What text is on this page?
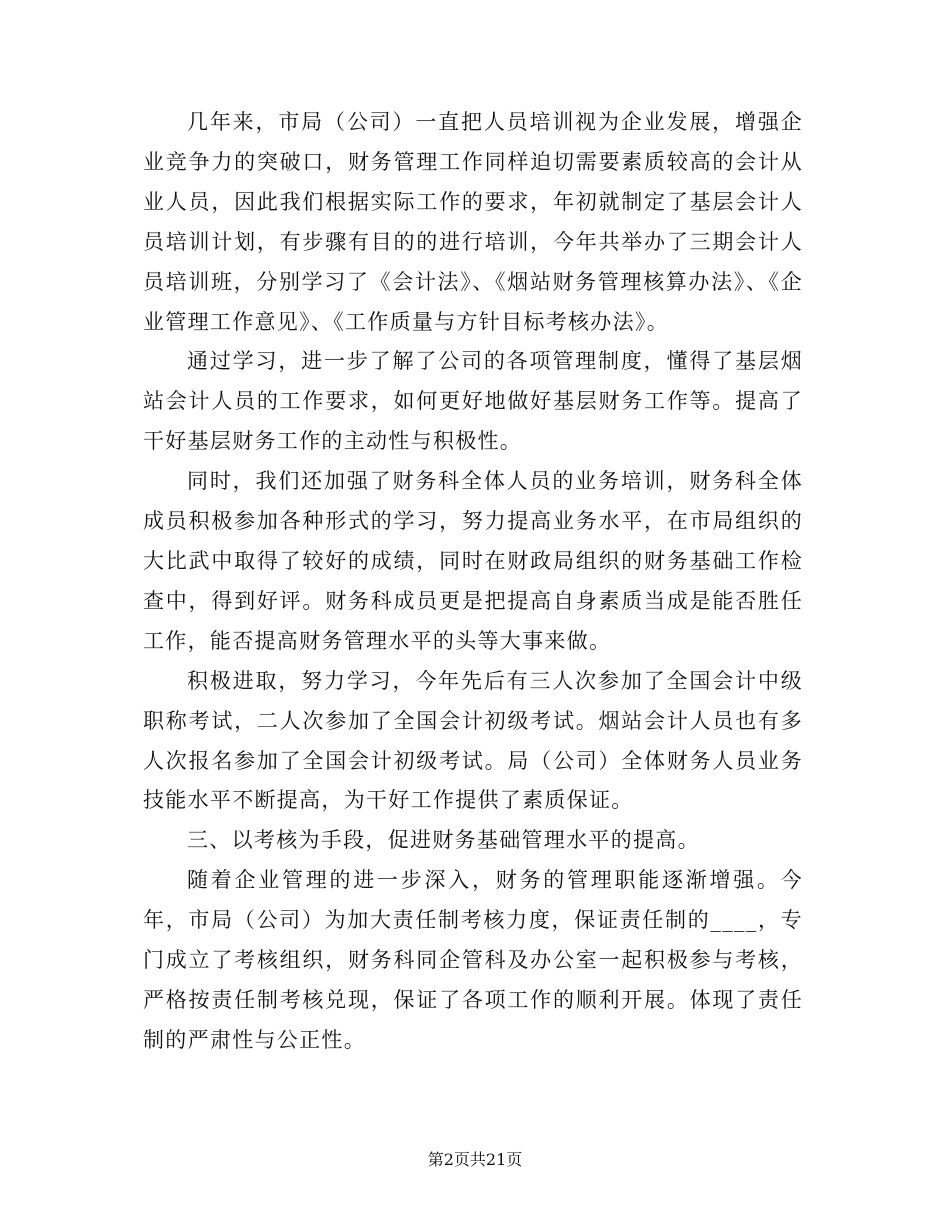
几年来，市局（公司）一直把人员培训视为企业发展，增强企业竞争力的突破口，财务管理工作同样迫切需要素质较高的会计从业人员，因此我们根据实际工作的要求，年初就制定了基层会计人员培训计划，有步骤有目的的进行培训，今年共举办了三期会计人员培训班，分别学习了《会计法》、《烟站财务管理核算办法》、《企业管理工作意见》、《工作质量与方针目标考核办法》。

通过学习，进一步了解了公司的各项管理制度，懂得了基层烟站会计人员的工作要求，如何更好地做好基层财务工作等。提高了干好基层财务工作的主动性与积极性。

同时，我们还加强了财务科全体人员的业务培训，财务科全体成员积极参加各种形式的学习，努力提高业务水平，在市局组织的大比武中取得了较好的成绩，同时在财政局组织的财务基础工作检查中，得到好评。财务科成员更是把提高自身素质当成是能否胜任工作，能否提高财务管理水平的头等大事来做。

积极进取，努力学习，今年先后有三人次参加了全国会计中级职称考试，二人次参加了全国会计初级考试。烟站会计人员也有多人次报名参加了全国会计初级考试。局（公司）全体财务人员业务技能水平不断提高，为干好工作提供了素质保证。

三、以考核为手段，促进财务基础管理水平的提高。

随着企业管理的进一步深入，财务的管理职能逐渐增强。今年，市局（公司）为加大责任制考核力度，保证责任制的____，专门成立了考核组织，财务科同企管科及办公室一起积极参与考核，严格按责任制考核兑现，保证了各项工作的顺利开展。体现了责任制的严肃性与公正性。

第2页共21页
